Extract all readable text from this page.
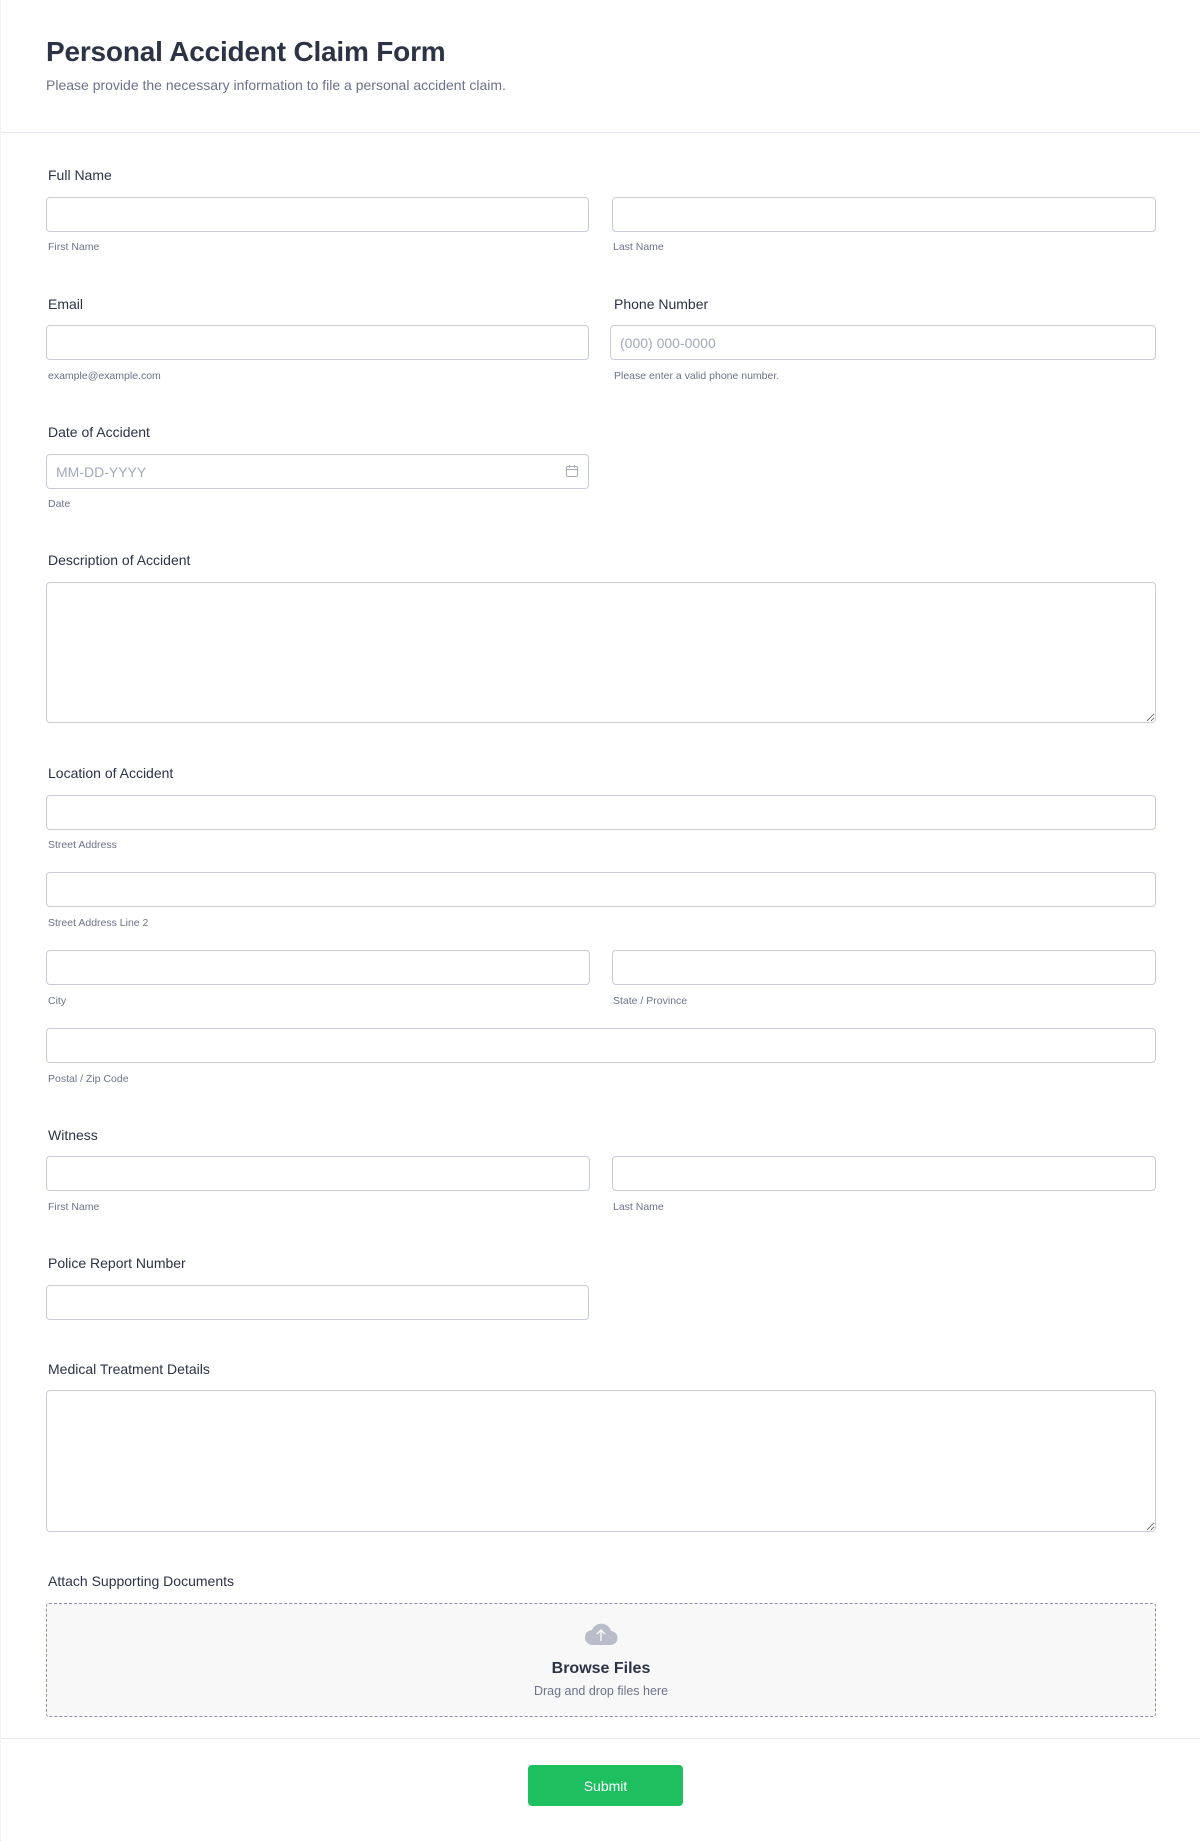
Personal Accident Claim Form

Please provide the necessary information to file a personal accident claim.

Full Name
First Name	Last Name
Email
example@example.com
Phone Number
(000) 000-0000
Please enter a valid phone number.
Date of Accident
MM-DD-YYYY
Date
Description of Accident
Location of Accident
Street Address
Street Address Line 2
City	State / Province
Postal / Zip Code
Witness
First Name	Last Name
Police Report Number
Medical Treatment Details
Attach Supporting Documents
Browse Files
Drag and drop files here
Submit
